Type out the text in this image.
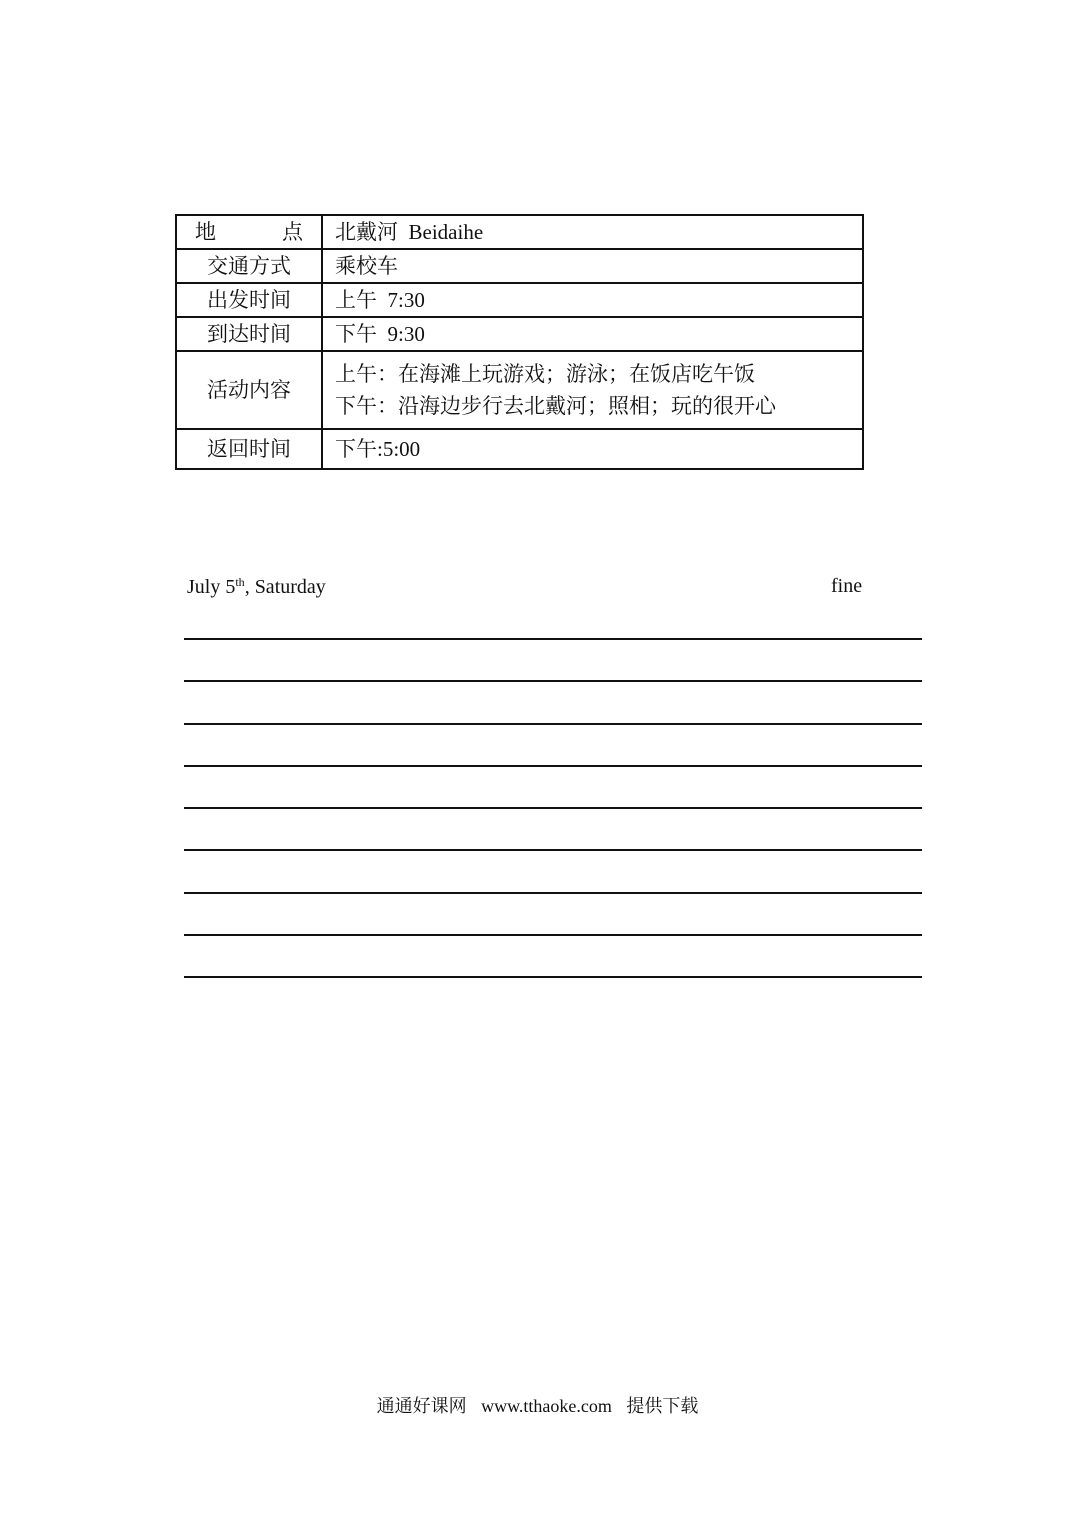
地 点	北戴河  Beidaihe
交通方式	乘校车
出发时间	上午  7:30
到达时间	下午  9:30
活动内容	上午：在海滩上玩游戏；游泳；在饭店吃午饭
下午：沿海边步行去北戴河；照相；玩的很开心

返回时间	下午:5:00
July 5th, Saturday	fine
通通好课网 www.tthaoke.com 提供下载
